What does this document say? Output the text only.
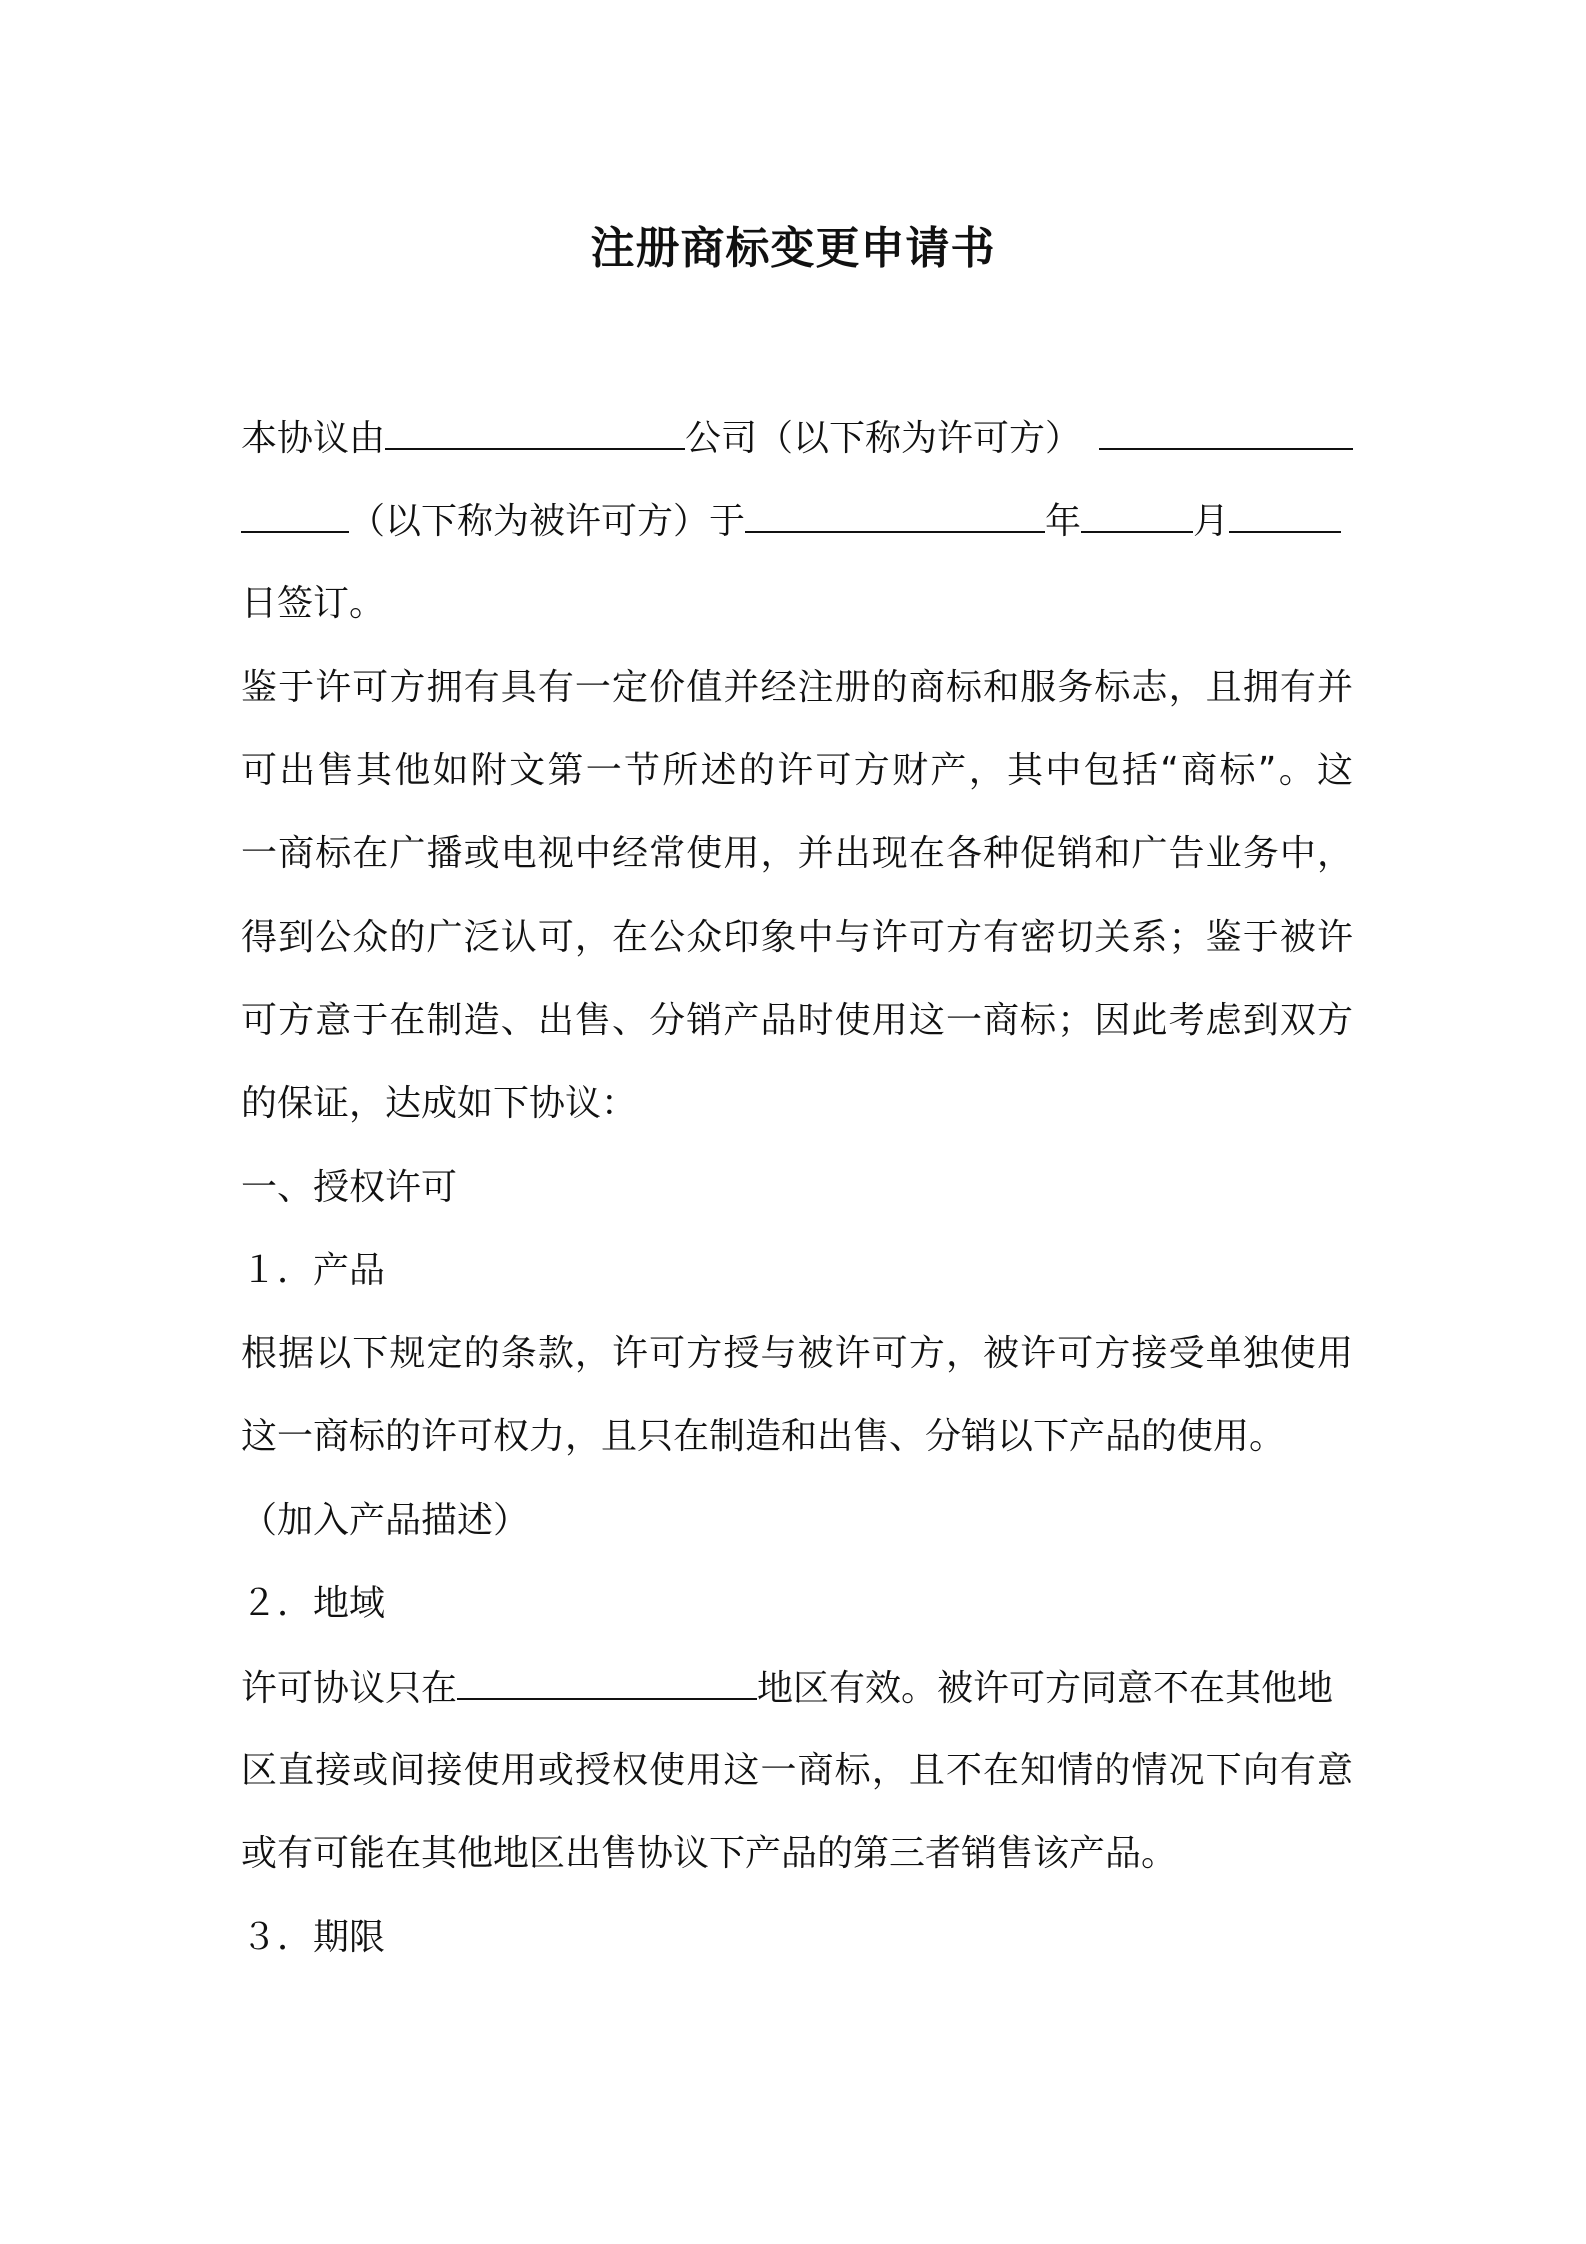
注册商标变更申请书
本协议由	公司（以下称为许可方）
（以下称为被许可方）于	年	月
日签订。
鉴于许可方拥有具有一定价值并经注册的商标和服务标志，且拥有并
可出售其他如附文第一节所述的许可方财产，其中包括“商标”。这
一商标在广播或电视中经常使用，并出现在各种促销和广告业务中，
得到公众的广泛认可，在公众印象中与许可方有密切关系；鉴于被许
可方意于在制造、出售、分销产品时使用这一商标；因此考虑到双方
的保证，达成如下协议：
一、授权许可
１．产品
根据以下规定的条款，许可方授与被许可方，被许可方接受单独使用
这一商标的许可权力，且只在制造和出售、分销以下产品的使用。
（加入产品描述）
２．地域
许可协议只在	地区有效。被许可方同意不在其他地
区直接或间接使用或授权使用这一商标，且不在知情的情况下向有意
或有可能在其他地区出售协议下产品的第三者销售该产品。
３．期限
